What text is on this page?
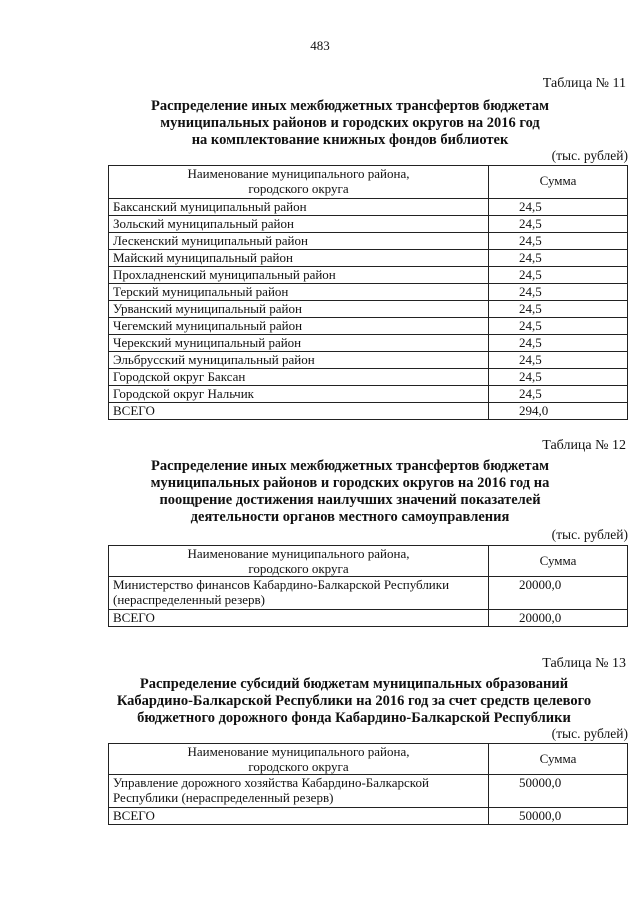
483
Таблица № 11
Распределение иных межбюджетных трансфертов бюджетам
муниципальных районов и городских округов на 2016 год
на комплектование книжных фондов библиотек
(тыс. рублей)
Наименование муниципального района,
городского округа	Сумма
Баксанский муниципальный район	24,5
Зольский муниципальный район	24,5
Лескенский муниципальный район	24,5
Майский муниципальный район	24,5
Прохладненский муниципальный район	24,5
Терский муниципальный район	24,5
Урванский муниципальный район	24,5
Чегемский муниципальный район	24,5
Черекский муниципальный район	24,5
Эльбрусский муниципальный район	24,5
Городской округ Баксан	24,5
Городской округ Нальчик	24,5
ВСЕГО	294,0
Таблица № 12
Распределение иных межбюджетных трансфертов бюджетам
муниципальных районов и городских округов на 2016 год на
поощрение достижения наилучших значений показателей
деятельности органов местного самоуправления
(тыс. рублей)
Наименование муниципального района,
городского округа	Сумма

Министерство финансов Кабардино-Балкарской Республики
(нераспределенный резерв)	20000,0
ВСЕГО	20000,0
Таблица № 13
Распределение субсидий бюджетам муниципальных образований
Кабардино-Балкарской Республики на 2016 год за счет средств целевого
бюджетного дорожного фонда Кабардино-Балкарской Республики
(тыс. рублей)
Наименование муниципального района,
городского округа	Сумма

Управление дорожного хозяйства Кабардино-Балкарской
Республики (нераспределенный резерв)	50000,0
ВСЕГО	50000,0
